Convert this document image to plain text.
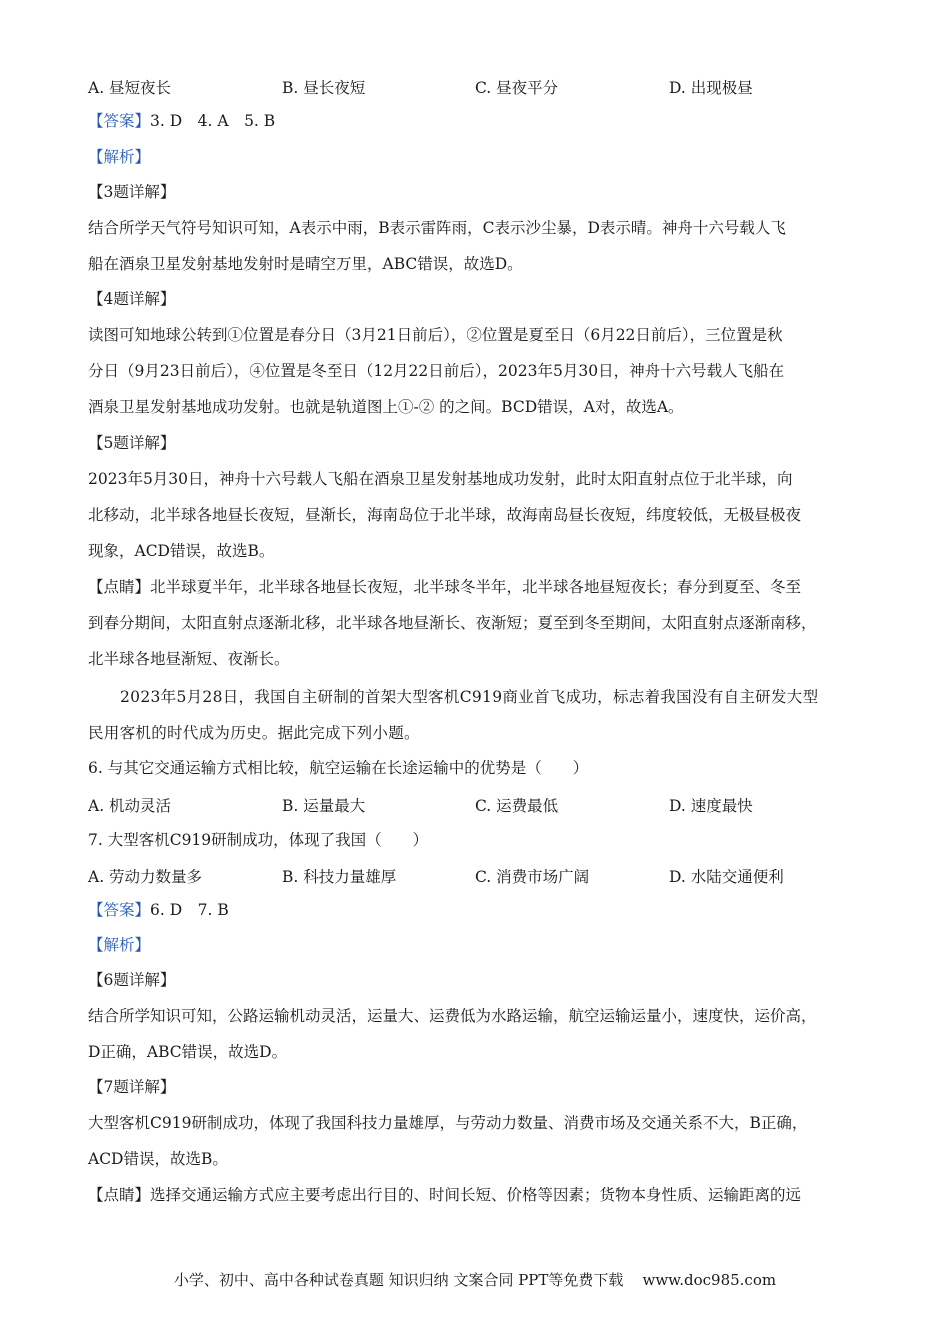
A. 昼短夜长	B. 昼长夜短	C. 昼夜平分	D. 出现极昼
【答案】3. D　4. A　5. B
【解析】
【3题详解】
结合所学天气符号知识可知，A表示中雨，B表示雷阵雨，C表示沙尘暴，D表示晴。神舟十六号载人飞
船在酒泉卫星发射基地发射时是晴空万里，ABC错误，故选D。
【4题详解】
读图可知地球公转到①位置是春分日（3月21日前后），②位置是夏至日（6月22日前后），三位置是秋
分日（9月23日前后），④位置是冬至日（12月22日前后），2023年5月30日，神舟十六号载人飞船在
酒泉卫星发射基地成功发射。也就是轨道图上①-② 的之间。BCD错误，A对，故选A。
【5题详解】
2023年5月30日，神舟十六号载人飞船在酒泉卫星发射基地成功发射，此时太阳直射点位于北半球，向
北移动，北半球各地昼长夜短，昼渐长，海南岛位于北半球，故海南岛昼长夜短，纬度较低，无极昼极夜
现象，ACD错误，故选B。
【点睛】北半球夏半年，北半球各地昼长夜短，北半球冬半年，北半球各地昼短夜长；春分到夏至、冬至
到春分期间，太阳直射点逐渐北移，北半球各地昼渐长、夜渐短；夏至到冬至期间，太阳直射点逐渐南移，
北半球各地昼渐短、夜渐长。
2023年5月28日，我国自主研制的首架大型客机C919商业首飞成功，标志着我国没有自主研发大型
民用客机的时代成为历史。据此完成下列小题。
6. 与其它交通运输方式相比较，航空运输在长途运输中的优势是（　　）
A. 机动灵活	B. 运量最大	C. 运费最低	D. 速度最快
7. 大型客机C919研制成功，体现了我国（　　）
A. 劳动力数量多	B. 科技力量雄厚	C. 消费市场广阔	D. 水陆交通便利
【答案】6. D　7. B
【解析】
【6题详解】
结合所学知识可知，公路运输机动灵活，运量大、运费低为水路运输，航空运输运量小，速度快，运价高，
D正确，ABC错误，故选D。
【7题详解】
大型客机C919研制成功，体现了我国科技力量雄厚，与劳动力数量、消费市场及交通关系不大，B正确，
ACD错误，故选B。
【点睛】选择交通运输方式应主要考虑出行目的、时间长短、价格等因素；货物本身性质、运输距离的远
小学、初中、高中各种试卷真题 知识归纳 文案合同 PPT等免费下载 www.doc985.com
